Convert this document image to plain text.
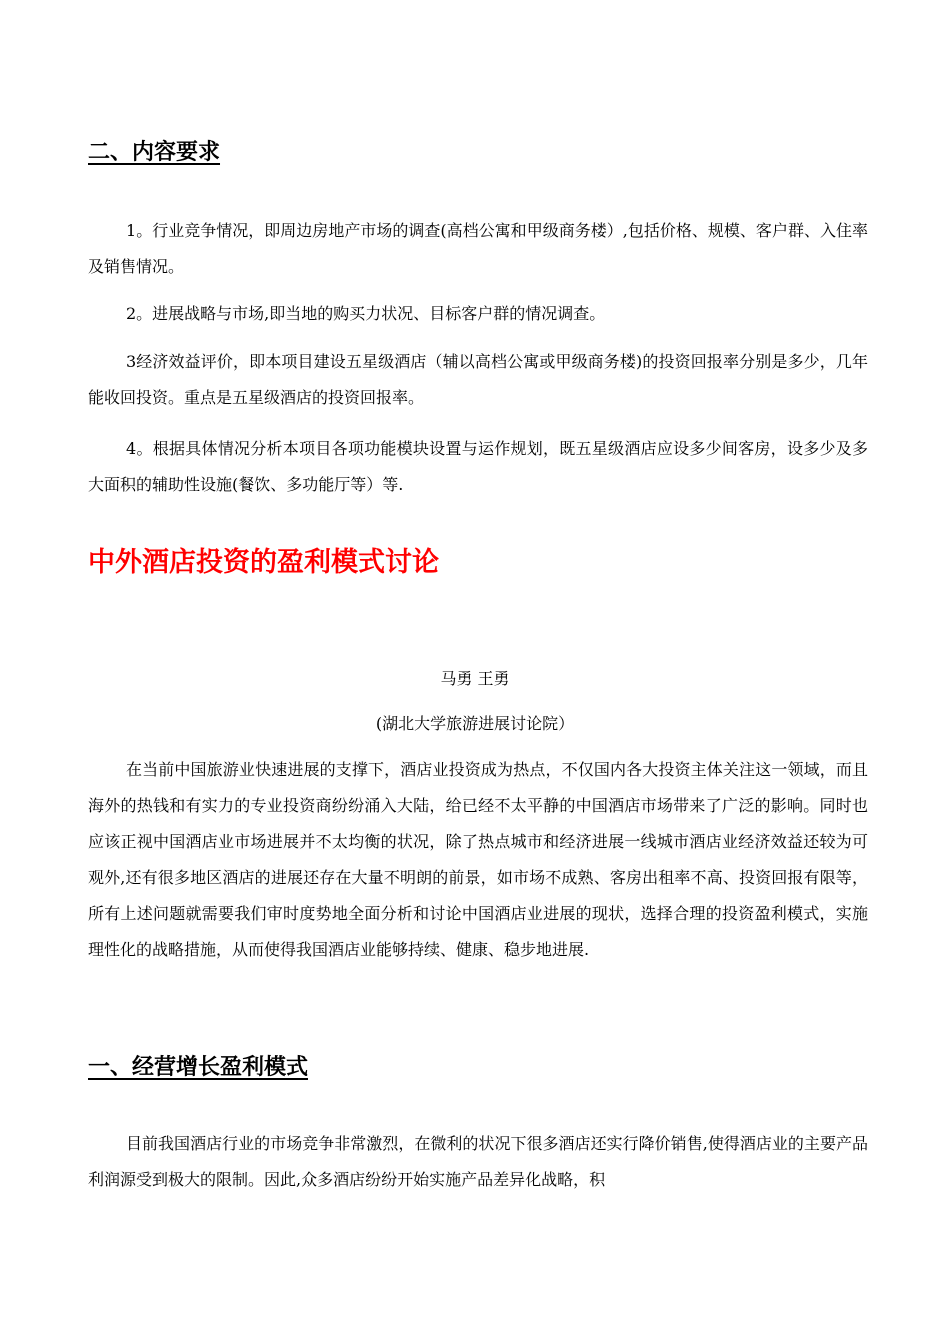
二、内容要求

1。行业竞争情况，即周边房地产市场的调查(高档公寓和甲级商务楼）,包括价格、规模、客户群、入住率及销售情况。

2。进展战略与市场,即当地的购买力状况、目标客户群的情况调查。

3经济效益评价，即本项目建设五星级酒店（辅以高档公寓或甲级商务楼)的投资回报率分别是多少，几年能收回投资。重点是五星级酒店的投资回报率。

4。根据具体情况分析本项目各项功能模块设置与运作规划，既五星级酒店应设多少间客房，设多少及多大面积的辅助性设施(餐饮、多功能厅等）等.

中外酒店投资的盈利模式讨论
马勇 王勇
(湖北大学旅游进展讨论院）

在当前中国旅游业快速进展的支撑下，酒店业投资成为热点，不仅国内各大投资主体关注这一领域，而且海外的热钱和有实力的专业投资商纷纷涌入大陆，给已经不太平静的中国酒店市场带来了广泛的影响。同时也应该正视中国酒店业市场进展并不太均衡的状况，除了热点城市和经济进展一线城市酒店业经济效益还较为可观外,还有很多地区酒店的进展还存在大量不明朗的前景，如市场不成熟、客房出租率不高、投资回报有限等，所有上述问题就需要我们审时度势地全面分析和讨论中国酒店业进展的现状，选择合理的投资盈利模式，实施理性化的战略措施，从而使得我国酒店业能够持续、健康、稳步地进展.

一、经营增长盈利模式

目前我国酒店行业的市场竞争非常激烈，在微利的状况下很多酒店还实行降价销售,使得酒店业的主要产品利润源受到极大的限制。因此,众多酒店纷纷开始实施产品差异化战略，积
